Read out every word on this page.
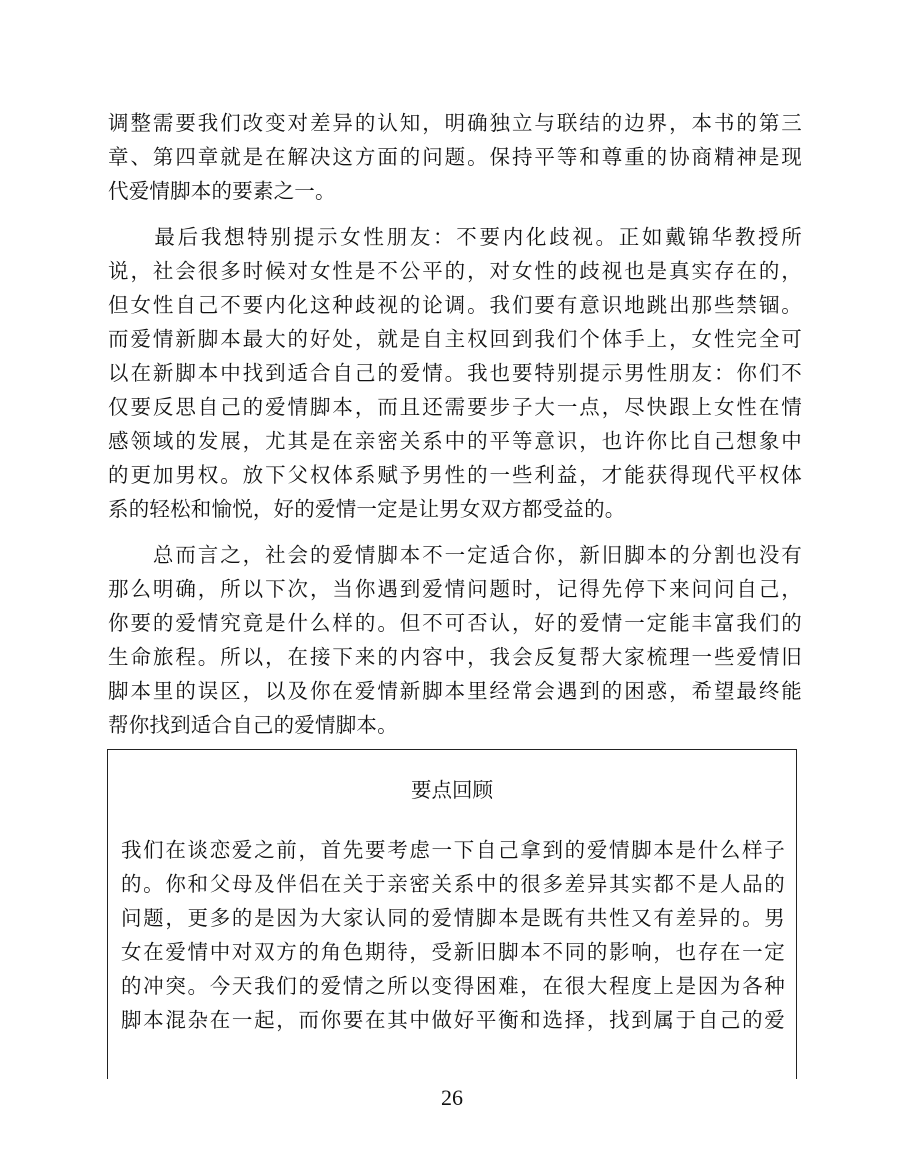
调整需要我们改变对差异的认知，明确独立与联结的边界，本书的第三
章、第四章就是在解决这方面的问题。保持平等和尊重的协商精神是现
代爱情脚本的要素之一。
　　最后我想特别提示女性朋友：不要内化歧视。正如戴锦华教授所
说，社会很多时候对女性是不公平的，对女性的歧视也是真实存在的，
但女性自己不要内化这种歧视的论调。我们要有意识地跳出那些禁锢。
而爱情新脚本最大的好处，就是自主权回到我们个体手上，女性完全可
以在新脚本中找到适合自己的爱情。我也要特别提示男性朋友：你们不
仅要反思自己的爱情脚本，而且还需要步子大一点，尽快跟上女性在情
感领域的发展，尤其是在亲密关系中的平等意识，也许你比自己想象中
的更加男权。放下父权体系赋予男性的一些利益，才能获得现代平权体
系的轻松和愉悦，好的爱情一定是让男女双方都受益的。
　　总而言之，社会的爱情脚本不一定适合你，新旧脚本的分割也没有
那么明确，所以下次，当你遇到爱情问题时，记得先停下来问问自己，
你要的爱情究竟是什么样的。但不可否认，好的爱情一定能丰富我们的
生命旅程。所以，在接下来的内容中，我会反复帮大家梳理一些爱情旧
脚本里的误区，以及你在爱情新脚本里经常会遇到的困惑，希望最终能
帮你找到适合自己的爱情脚本。
要点回顾
我们在谈恋爱之前，首先要考虑一下自己拿到的爱情脚本是什么样子
的。你和父母及伴侣在关于亲密关系中的很多差异其实都不是人品的
问题，更多的是因为大家认同的爱情脚本是既有共性又有差异的。男
女在爱情中对双方的角色期待，受新旧脚本不同的影响，也存在一定
的冲突。今天我们的爱情之所以变得困难，在很大程度上是因为各种
脚本混杂在一起，而你要在其中做好平衡和选择，找到属于自己的爱
26
